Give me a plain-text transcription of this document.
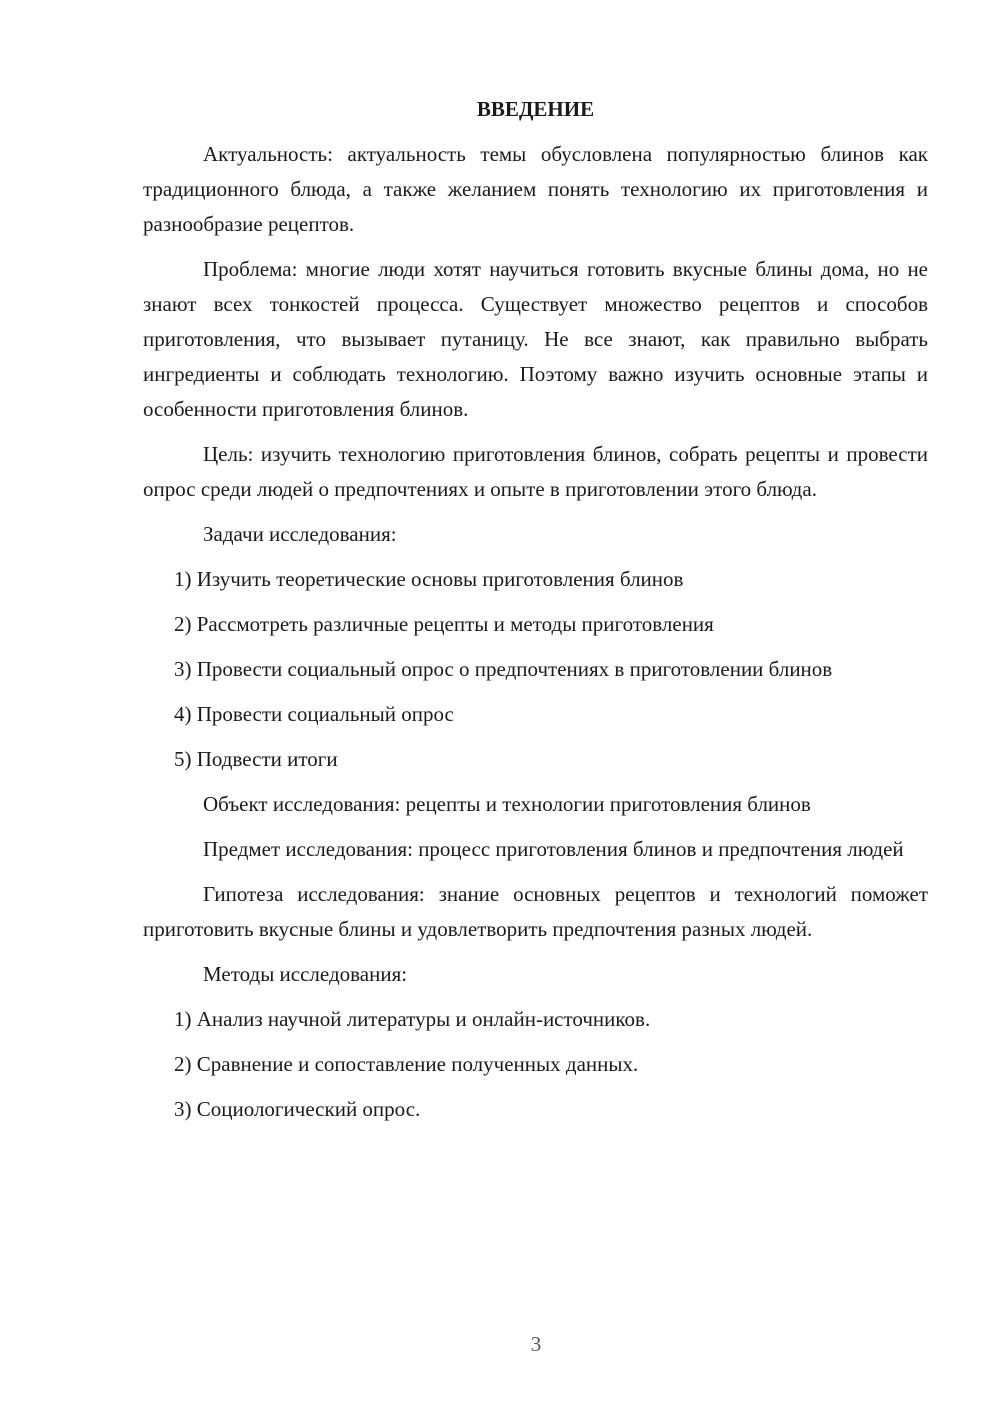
ВВЕДЕНИЕ

Актуальность: актуальность темы обусловлена популярностью блинов как традиционного блюда, а также желанием понять технологию их приготовления и разнообразие рецептов.

Проблема: многие люди хотят научиться готовить вкусные блины дома, но не знают всех тонкостей процесса. Существует множество рецептов и способов приготовления, что вызывает путаницу. Не все знают, как правильно выбрать ингредиенты и соблюдать технологию. Поэтому важно изучить основные этапы и особенности приготовления блинов.

Цель: изучить технологию приготовления блинов, собрать рецепты и провести опрос среди людей о предпочтениях и опыте в приготовлении этого блюда.

Задачи исследования:

1) Изучить теоретические основы приготовления блинов

2) Рассмотреть различные рецепты и методы приготовления

3) Провести социальный опрос о предпочтениях в приготовлении блинов

4) Провести социальный опрос

5) Подвести итоги

Объект исследования: рецепты и технологии приготовления блинов

Предмет исследования: процесс приготовления блинов и предпочтения людей

Гипотеза исследования: знание основных рецептов и технологий поможет приготовить вкусные блины и удовлетворить предпочтения разных людей.

Методы исследования:

1) Анализ научной литературы и онлайн-источников.

2) Сравнение и сопоставление полученных данных.

3) Социологический опрос.

3
